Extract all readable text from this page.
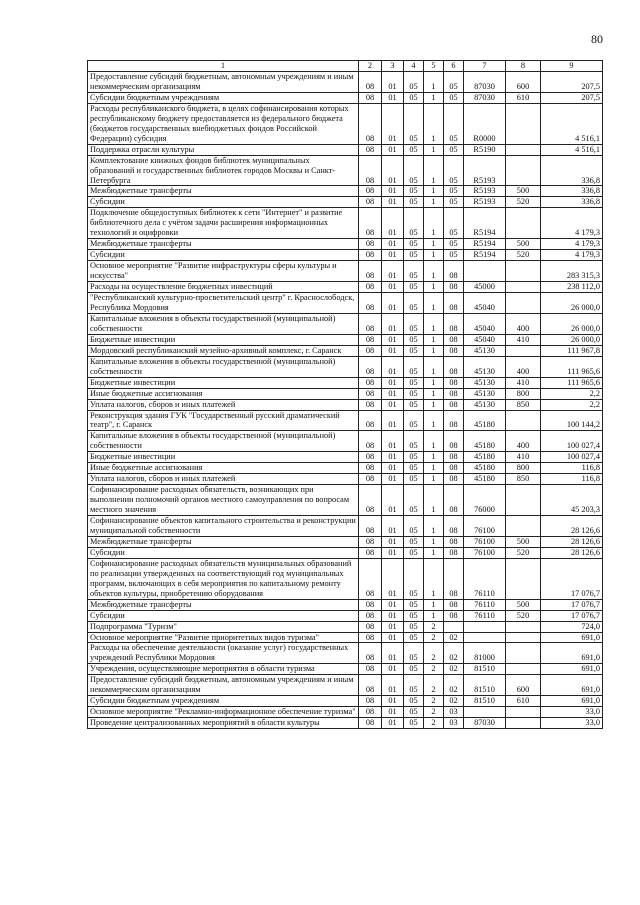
80
1	2	3	4	5	6	7	8	9
Предоставление субсидий бюджетным, автономным учреждениям и иным некоммерческим организациям	08	01	05	1	05	87030	600	207,5
Субсидии бюджетным учреждениям	08	01	05	1	05	87030	610	207,5
Расходы республиканского бюджета, в целях софинансирования которых республиканскому бюджету предоставляется из федерального бюджета (бюджетов государственных внебюджетных фондов Российской Федерации) субсидия	08	01	05	1	05	R0000		4 516,1
Поддержка отрасли культуры	08	01	05	1	05	R5190		4 516,1
Комплектование книжных фондов библиотек муниципальных образований и государственных библиотек городов Москвы и Санкт-Петербурга	08	01	05	1	05	R5193		336,8
Межбюджетные трансферты	08	01	05	1	05	R5193	500	336,8
Субсидии	08	01	05	1	05	R5193	520	336,8
Подключение общедоступных библиотек к сети "Интернет" и развитие библиотечного дела с учётом задачи расширения информационных технологий и оцифровки	08	01	05	1	05	R5194		4 179,3
Межбюджетные трансферты	08	01	05	1	05	R5194	500	4 179,3
Субсидии	08	01	05	1	05	R5194	520	4 179,3
Основное мероприятие "Развитие инфраструктуры сферы культуры и искусства"	08	01	05	1	08			283 315,3
Расходы на осуществление бюджетных инвестиций	08	01	05	1	08	45000		238 112,0
"Республиканский культурно-просветительский центр" г. Краснослободск, Республика Мордовия	08	01	05	1	08	45040		26 000,0
Капитальные вложения в объекты государственной (муниципальной) собственности	08	01	05	1	08	45040	400	26 000,0
Бюджетные инвестиции	08	01	05	1	08	45040	410	26 000,0
Мордовский республиканский музейно-архивный комплекс, г. Саранск	08	01	05	1	08	45130		111 967,8
Капитальные вложения в объекты государственной (муниципальной) собственности	08	01	05	1	08	45130	400	111 965,6
Бюджетные инвестиции	08	01	05	1	08	45130	410	111 965,6
Иные бюджетные ассигнования	08	01	05	1	08	45130	800	2,2
Уплата налогов, сборов и иных платежей	08	01	05	1	08	45130	850	2,2
Реконструкция здания ГУК "Государственный русский драматический театр", г. Саранск	08	01	05	1	08	45180		100 144,2
Капитальные вложения в объекты государственной (муниципальной) собственности	08	01	05	1	08	45180	400	100 027,4
Бюджетные инвестиции	08	01	05	1	08	45180	410	100 027,4
Иные бюджетные ассигнования	08	01	05	1	08	45180	800	116,8
Уплата налогов, сборов и иных платежей	08	01	05	1	08	45180	850	116,8
Софинансирование расходных обязательств, возникающих при выполнении полномочий органов местного самоуправления по вопросам местного значения	08	01	05	1	08	76000		45 203,3
Софинансирование объектов капитального строительства и реконструкции муниципальной собственности	08	01	05	1	08	76100		28 126,6
Межбюджетные трансферты	08	01	05	1	08	76100	500	28 126,6
Субсидии	08	01	05	1	08	76100	520	28 126,6
Софинансирование расходных обязательств муниципальных образований по реализации утвержденных на соответствующий год муниципальных программ, включающих в себя мероприятия по капитальному ремонту объектов культуры, приобретению оборудования	08	01	05	1	08	76110		17 076,7
Межбюджетные трансферты	08	01	05	1	08	76110	500	17 076,7
Субсидии	08	01	05	1	08	76110	520	17 076,7
Подпрограмма "Туризм"	08	01	05	2				724,0
Основное мероприятие "Развитие приоритетных видов туризма"	08	01	05	2	02			691,0
Расходы на обеспечение деятельности (оказание услуг) государственных учреждений Республики Мордовия	08	01	05	2	02	81000		691,0
Учреждения, осуществляющие мероприятия в области туризма	08	01	05	2	02	81510		691,0
Предоставление субсидий бюджетным, автономным учреждениям и иным некоммерческим организациям	08	01	05	2	02	81510	600	691,0
Субсидии бюджетным учреждениям	08	01	05	2	02	81510	610	691,0
Основное мероприятие "Рекламно-информационное обеспечение туризма"	08	01	05	2	03			33,0
Проведение централизованных мероприятий в области культуры	08	01	05	2	03	87030		33,0
